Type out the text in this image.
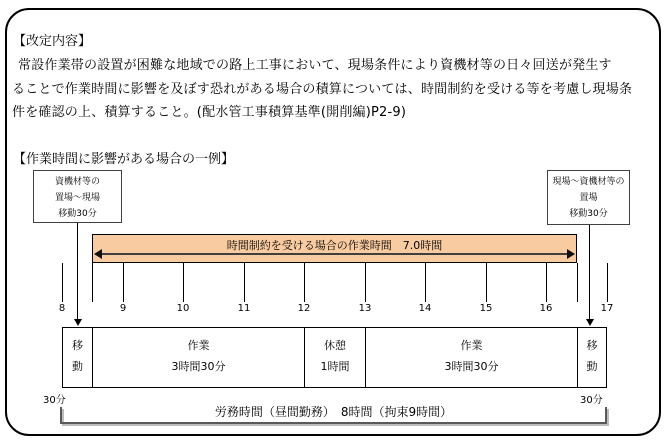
【改定内容】
常設作業帯の設置が困難な地域での路上工事において、現場条件により資機材等の日々回送が発生す
ることで作業時間に影響を及ぼす恐れがある場合の積算については、時間制約を受ける等を考慮し現場条
件を確認の上、積算すること。(配水管工事積算基準(開削編)P2-9)
【作業時間に影響がある場合の一例】
資機材等の
置場～現場
移動30分
現場～資機材等の
置場
移動30分
時間制約を受ける場合の作業時間　7.0時間
8	9	10	11	12	13	14	15	16	17
移
動
作業
3時間30分
休憩
1時間
作業
3時間30分
移
動
30分	30分
労務時間（昼間勤務）　8時間（拘束9時間）
